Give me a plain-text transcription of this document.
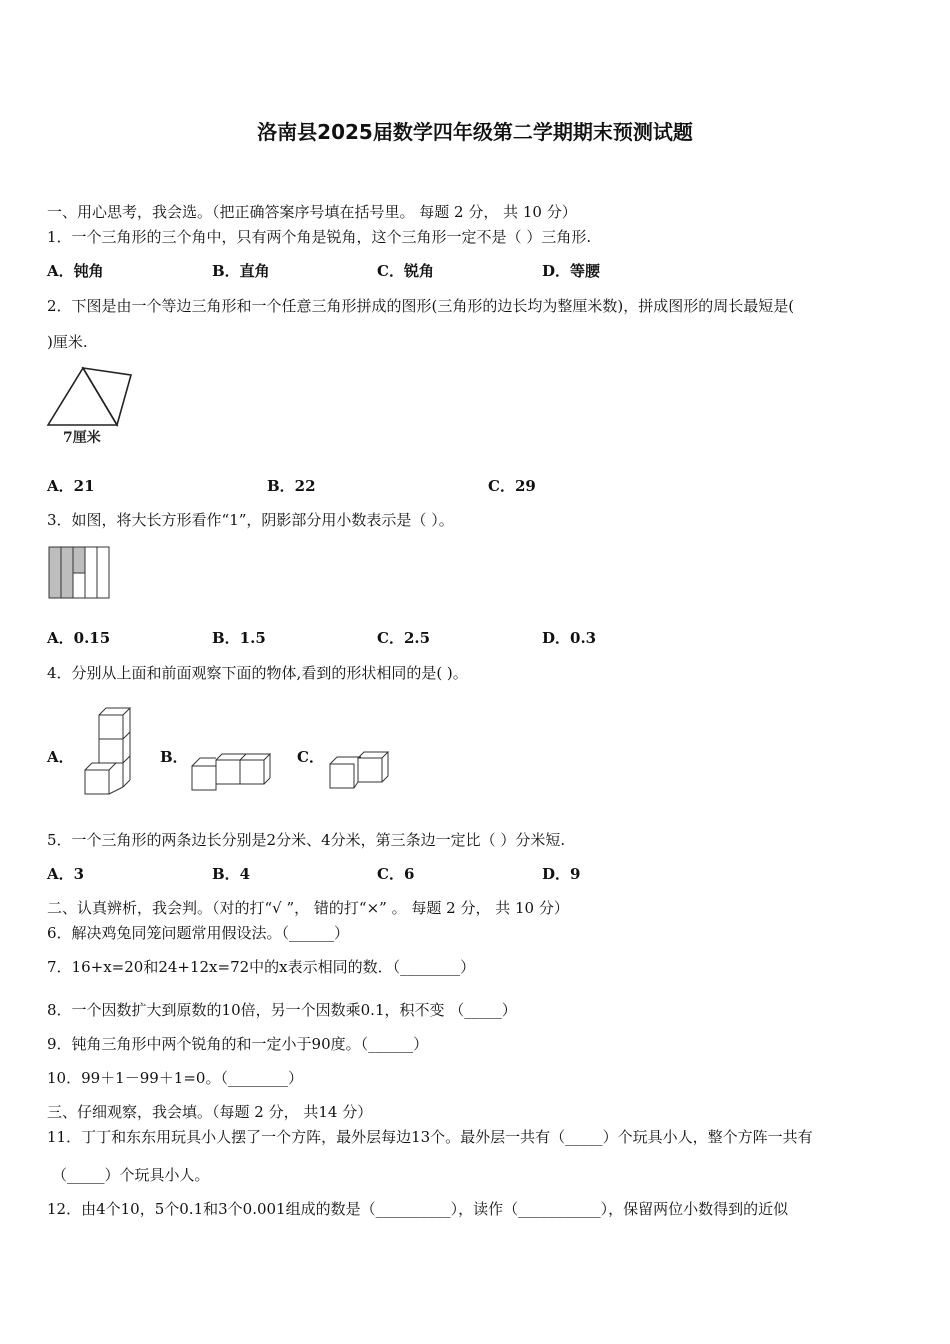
洛南县2025届数学四年级第二学期期末预测试题
一、用心思考，我会选。（把正确答案序号填在括号里。 每题 2 分， 共 10 分）
1．一个三角形的三个角中，只有两个角是锐角，这个三角形一定不是（ ）三角形.
A．钝角	B．直角	C．锐角	D．等腰
2．下图是由一个等边三角形和一个任意三角形拼成的图形(三角形的边长均为整厘米数)，拼成图形的周长最短是(
)厘米.
7厘米
A．21	B．22	C．29
3．如图，将大长方形看作“1”，阴影部分用小数表示是（ ）。
A．0.15	B．1.5	C．2.5	D．0.3
4．分别从上面和前面观察下面的物体,看到的形状相同的是( )。
A．	B．	C．
5．一个三角形的两条边长分别是2分米、4分米，第三条边一定比（ ）分米短.
A．3	B．4	C．6	D．9
二、认真辨析，我会判。（对的打“√ ”， 错的打“×” 。 每题 2 分， 共 10 分）
6．解决鸡兔同笼问题常用假设法。（______）
7．16+x=20和24+12x=72中的x表示相同的数．（________）
8．一个因数扩大到原数的10倍，另一个因数乘0.1，积不变 （_____）
9．钝角三角形中两个锐角的和一定小于90度。（______）
10．99＋1－99＋1=0。（________）
三、仔细观察，我会填。（每题 2 分， 共14 分）
11．丁丁和东东用玩具小人摆了一个方阵，最外层每边13个。最外层一共有（_____）个玩具小人，整个方阵一共有
（_____）个玩具小人。
12．由4个10，5个0.1和3个0.001组成的数是（__________），读作（___________），保留两位小数得到的近似
